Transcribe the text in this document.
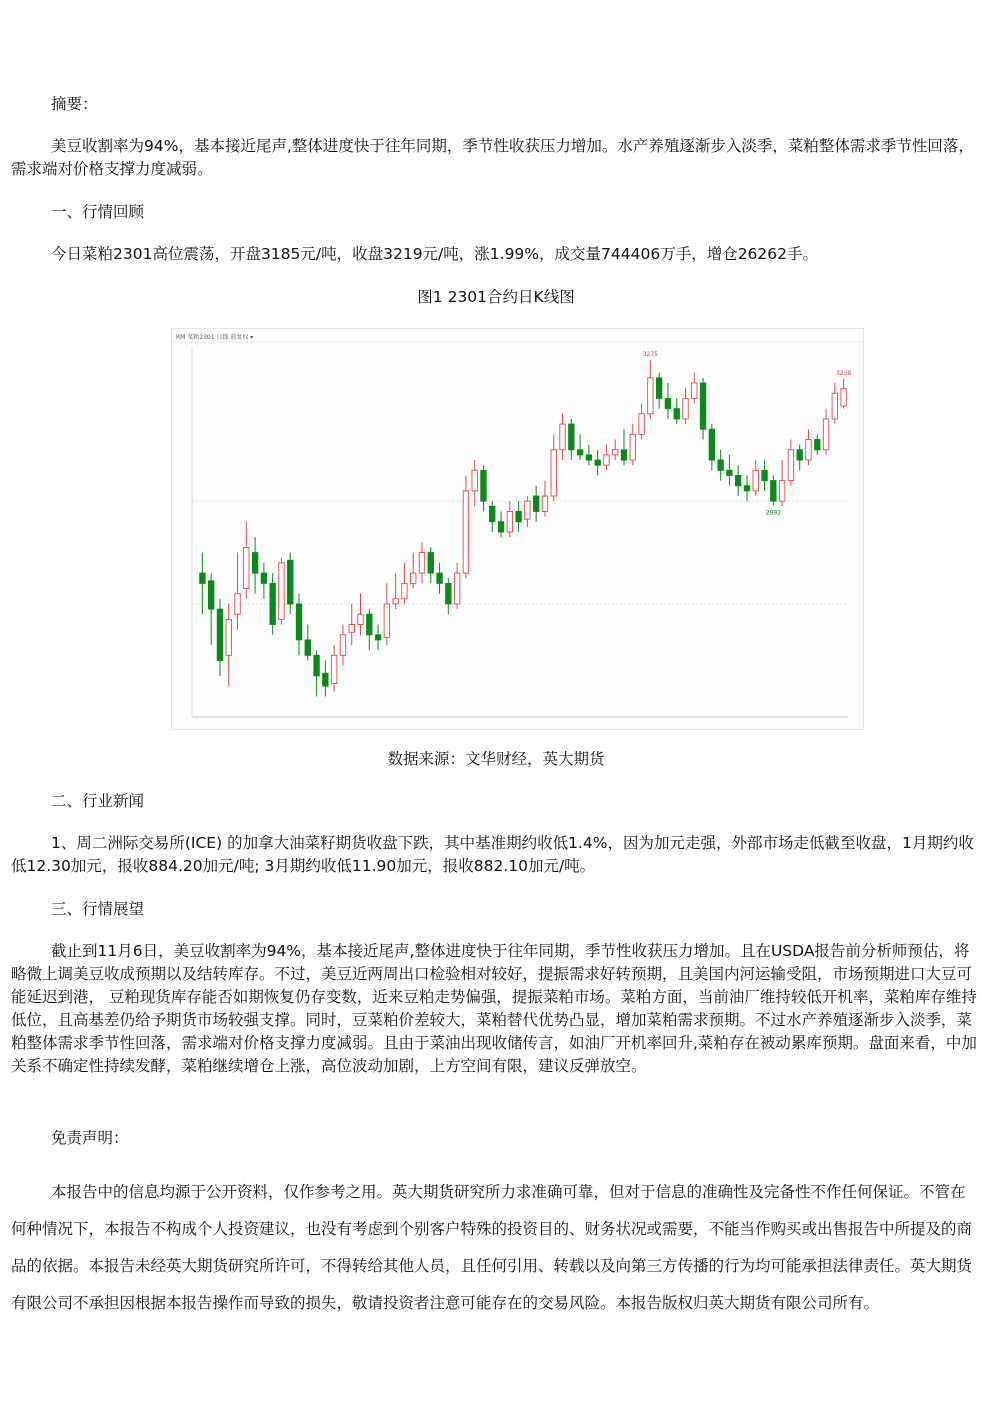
摘要：

美豆收割率为94%，基本接近尾声,整体进度快于往年同期，季节性收获压力增加。水产养殖逐渐步入淡季，菜粕整体需求季节性回落，需求端对价格支撑力度减弱。

一、行情回顾

今日菜粕2301高位震荡，开盘3185元/吨，收盘3219元/吨，涨1.99%，成交量744406万手，增仓26262手。

图1 2301合约日K线图

RM 菜粕2301 日线 前复权 ▾
3275
3238
2992

数据来源：文华财经，英大期货

二、行业新闻

1、周二洲际交易所(ICE) 的加拿大油菜籽期货收盘下跌，其中基准期约收低1.4%，因为加元走强，外部市场走低截至收盘，1月期约收低12.30加元，报收884.20加元/吨; 3月期约收低11.90加元，报收882.10加元/吨。

三、行情展望

截止到11月6日，美豆收割率为94%，基本接近尾声,整体进度快于往年同期，季节性收获压力增加。且在USDA报告前分析师预估，将略微上调美豆收成预期以及结转库存。不过，美豆近两周出口检验相对较好，提振需求好转预期，且美国内河运输受阻，市场预期进口大豆可能延迟到港， 豆粕现货库存能否如期恢复仍存变数，近来豆粕走势偏强，提振菜粕市场。菜粕方面，当前油厂维持较低开机率，菜粕库存维持低位，且高基差仍给予期货市场较强支撑。同时，豆菜粕价差较大，菜粕替代优势凸显，增加菜粕需求预期。不过水产养殖逐渐步入淡季，菜粕整体需求季节性回落，需求端对价格支撑力度减弱。且由于菜油出现收储传言，如油厂开机率回升,菜粕存在被动累库预期。盘面来看，中加关系不确定性持续发酵，菜粕继续增仓上涨，高位波动加剧，上方空间有限，建议反弹放空。

免责声明：

本报告中的信息均源于公开资料，仅作参考之用。英大期货研究所力求准确可靠，但对于信息的准确性及完备性不作任何保证。不管在何种情况下，本报告不构成个人投资建议，也没有考虑到个别客户特殊的投资目的、财务状况或需要，不能当作购买或出售报告中所提及的商品的依据。本报告未经英大期货研究所许可，不得转给其他人员，且任何引用、转载以及向第三方传播的行为均可能承担法律责任。英大期货有限公司不承担因根据本报告操作而导致的损失，敬请投资者注意可能存在的交易风险。本报告版权归英大期货有限公司所有。
